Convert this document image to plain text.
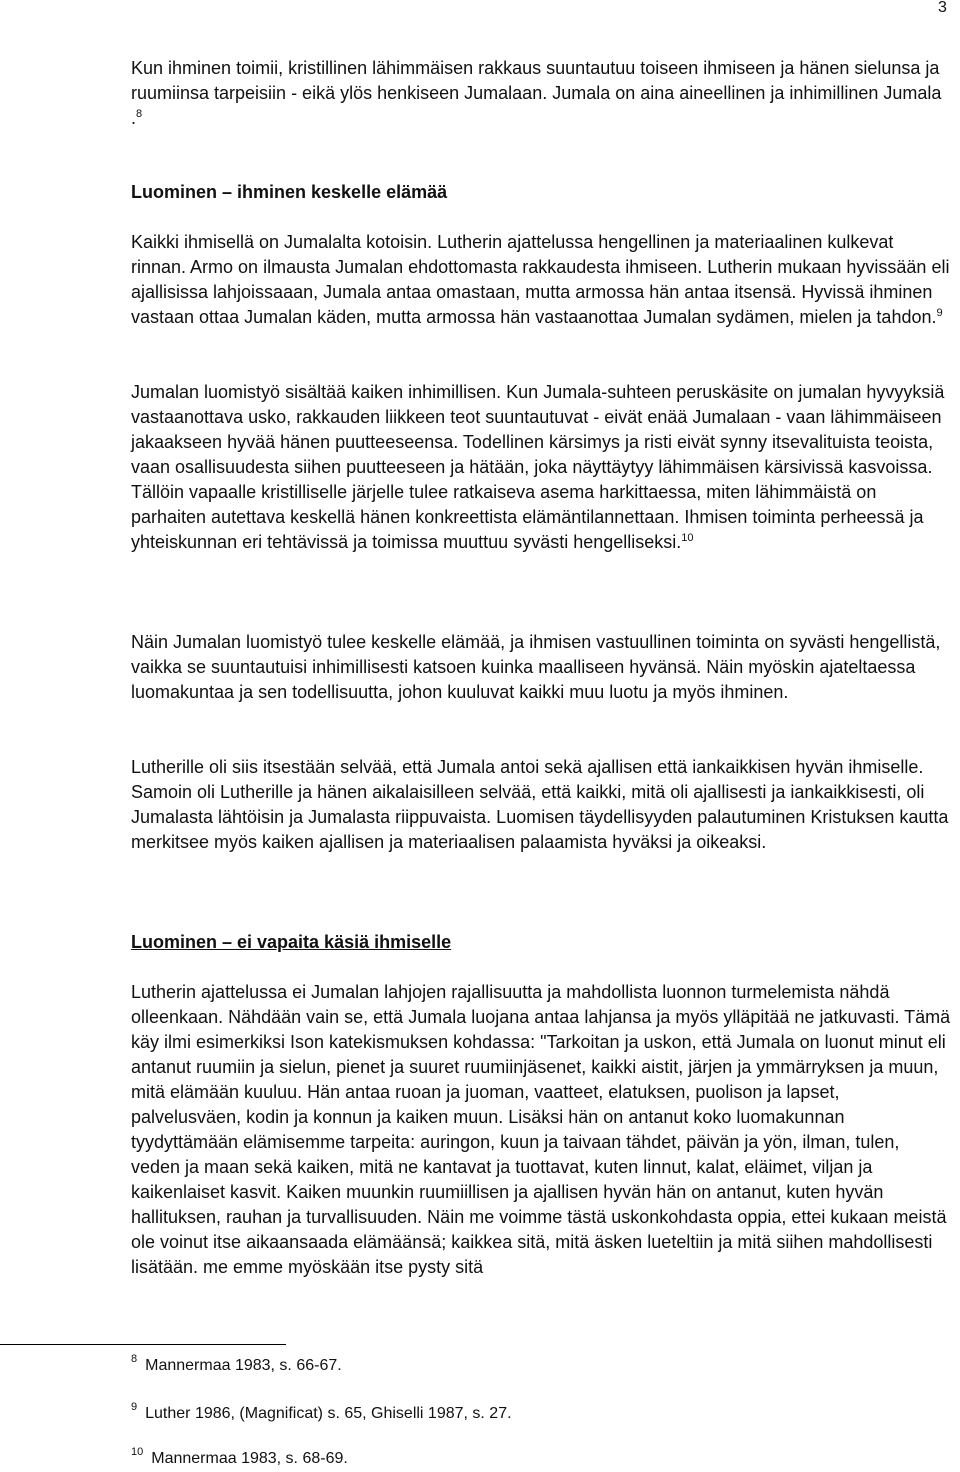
3

Kun ihminen toimii, kristillinen lähimmäisen rakkaus suuntautuu toiseen ihmiseen ja hänen sielunsa ja ruumiinsa tarpeisiin - eikä ylös henkiseen Jumalaan. Jumala on aina aineellinen ja inhimillinen Jumala .$^8$

Luominen – ihminen keskelle elämää

Kaikki ihmisellä on Jumalalta kotoisin. Lutherin ajattelussa hengellinen ja materiaalinen kulkevat rinnan. Armo on ilmausta Jumalan ehdottomasta rakkaudesta ihmiseen. Lutherin mukaan hyvissään eli ajallisissa lahjoissaaan, Jumala antaa omastaan, mutta armossa hän antaa itsensä. Hyvissä ihminen vastaan ottaa Jumalan käden, mutta armossa hän vastaanottaa Jumalan sydämen, mielen ja tahdon.$^9$

Jumalan luomistyö sisältää kaiken inhimillisen. Kun Jumala-suhteen peruskäsite on jumalan hyvyyksiä vastaanottava usko, rakkauden liikkeen teot suuntautuvat - eivät enää Jumalaan - vaan lähimmäiseen jakaakseen hyvää hänen puutteeseensa. Todellinen kärsimys ja risti eivät synny itsevalituista teoista, vaan osallisuudesta siihen puutteeseen ja hätään, joka näyttäytyy lähimmäisen kärsivissä kasvoissa. Tällöin vapaalle kristilliselle järjelle tulee ratkaiseva asema harkittaessa, miten lähimmäistä on parhaiten autettava keskellä hänen konkreettista elämäntilannettaan. Ihmisen toiminta perheessä ja yhteiskunnan eri tehtävissä ja toimissa muuttuu syvästi hengelliseksi.$^{10}$

Näin Jumalan luomistyö tulee keskelle elämää, ja ihmisen vastuullinen toiminta on syvästi hengellistä, vaikka se suuntautuisi inhimillisesti katsoen kuinka maalliseen hyvänsä. Näin myöskin ajateltaessa luomakuntaa ja sen todellisuutta, johon kuuluvat kaikki muu luotu ja myös ihminen.

Lutherille oli siis itsestään selvää, että Jumala antoi sekä ajallisen että iankaikkisen hyvän ihmiselle. Samoin oli Lutherille ja hänen aikalaisilleen selvää, että kaikki, mitä oli ajallisesti ja iankaikkisesti, oli Jumalasta lähtöisin ja Jumalasta riippuvaista. Luomisen täydellisyyden palautuminen Kristuksen kautta merkitsee myös kaiken ajallisen ja materiaalisen palaamista hyväksi ja oikeaksi.

Luominen – ei vapaita käsiä ihmiselle

Lutherin ajattelussa ei Jumalan lahjojen rajallisuutta ja mahdollista luonnon turmelemista nähdä olleenkaan. Nähdään vain se, että Jumala luojana antaa lahjansa ja myös ylläpitää ne jatkuvasti. Tämä käy ilmi esimerkiksi Ison katekismuksen kohdassa: "Tarkoitan ja uskon, että Jumala on luonut minut eli antanut ruumiin ja sielun, pienet ja suuret ruumiinjäsenet, kaikki aistit, järjen ja ymmärryksen ja muun, mitä elämään kuuluu. Hän antaa ruoan ja juoman, vaatteet, elatuksen, puolison ja lapset, palvelusväen, kodin ja konnun ja kaiken muun. Lisäksi hän on antanut koko luomakunnan tyydyttämään elämisemme tarpeita: auringon, kuun ja taivaan tähdet, päivän ja yön, ilman, tulen, veden ja maan sekä kaiken, mitä ne kantavat ja tuottavat, kuten linnut, kalat, eläimet, viljan ja kaikenlaiset kasvit. Kaiken muunkin ruumiillisen ja ajallisen hyvän hän on antanut, kuten hyvän hallituksen, rauhan ja turvallisuuden. Näin me voimme tästä uskonkohdasta oppia, ettei kukaan meistä ole voinut itse aikaansaada elämäänsä; kaikkea sitä, mitä äsken lueteltiin ja mitä siihen mahdollisesti lisätään. me emme myöskään itse pysty sitä

$^8$ Mannermaa 1983, s. 66-67.
$^9$ Luther 1986, (Magnificat) s. 65, Ghiselli 1987, s. 27.
$^{10}$ Mannermaa 1983, s. 68-69.
